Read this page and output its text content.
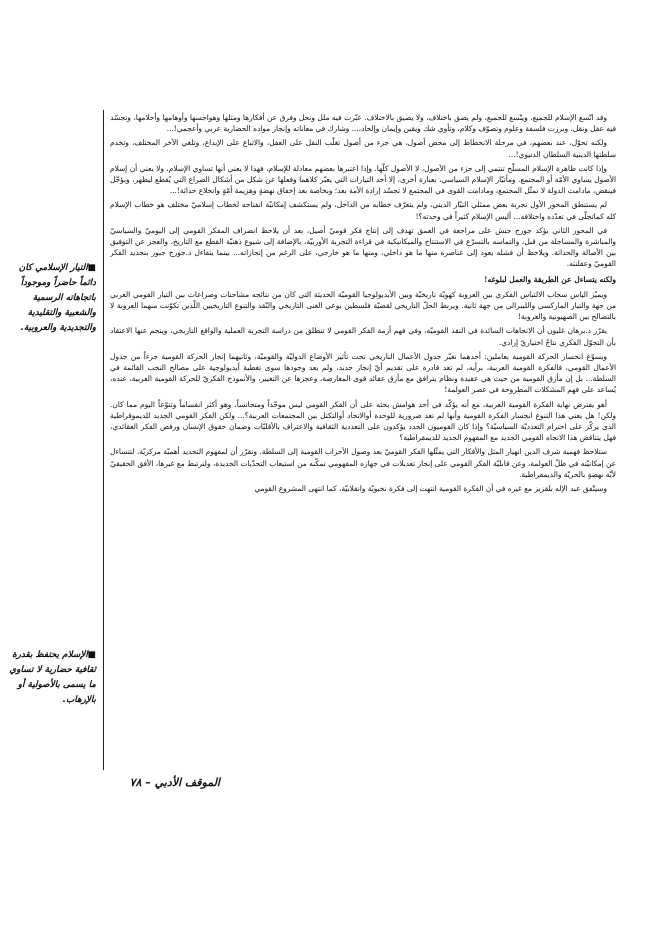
وقد اتّسع الإسلام للجميع، ويتّسع للجميع، ولم يضق باختلاف، ولا يضيق بالاختلاف. عبّرت فيه ملل ونحل وفرق عن أفكارها ومثلها وهواجسها وأوهامها وأحلامها، وتجسّد فيه عقل ونقل، وبرزت فلسفة وعلوم وتصوّف وكلام، وتأوي شك ويقين وإيمان وإلحاد،... وشارك في معاناته وإنجاز مواده الحضارية عربي وأعجمي!...

ولكنه تحوّل، عند بعضهم، في مرحلة الانحطاط إلى محض أصول، هي جزء من أصول تغلّب النقل على العقل، والاتباع على الإبداع، وتلغي الآخر المختلف، وتخدم سلطتها الدينية السلطان الدنيوي!...

وإذا كانت ظاهرة الإسلام المسلّح تنتمي إلى جزء من الأصول، لا الأصول كلّها. وإذا اعتبرها بعضهم معادلة للإسلام، فهذا لا يعني أنها تساوي الإسلام، ولا يعني أن إسلام الأصول يساوي الأمّة أو المجتمع. ومأتيّار الإسلام السياسي، بعبارة أخرى، إلا أحد التيارات التي يعبّر كلاهما وفعلها عن شكل من أشكال الصراع التي يُقطع ليظهر، ويؤجّل فينقض، مادامت الدولة لا تمثّل المجتمع، ومادامت القوى في المجتمع لا تجسّد إرادة الأمة بعد؛ وبخاصة بعد إخفاق نهضةٍ وهزيمة أمّةٍ وانخلاع حداثة!...

لم يستنطق المحور الأول تجربة بعض ممثلي التيّار الديني، ولم يتعرّف خطابه من الداخل، ولم يستكشف إمكانيّة انفتاحه لخطاب إسلاميّ مختلف هو خطاب الإسلام كله كماتجلّى في تعدّده واختلافه... أليس الإسلام كثيراً في وحدته؟!

في المحور الثاني يؤكد جورج جبش على مراجعة في العمق تهدف إلى إنتاج فكر قوميّ أصيل، بعد أن يلاحظ انصراف المفكر القومي إلى اليوميّ والسياسيّ والمباشرة والمساجلة من قبل، والتماسه بالتسرّع في الاستنتاج والميكانيكية في قراءة التجربة الأوربيّة، بالإضافة إلى شيوع ذهنيّة القطع مع التاريخ، والعجز عن التوفيق بين الأصالة والحداثة. ويلاحظ أن فشله يعود إلى عناصره منها ما هو داخلي، ومنها ما هو خارجي، على الرغم من إنجازاته... بينما يتفاءل د.جورج جبور بتجديد الفكر القوميّ وعقلنته.

ولكنه يتساءل عن الطريقة والعمل لبلوغه!

ويميّز الياس سحاب الالتباس الفكري بين العروبة كهويّة تاريخيّة وبين الأيديولوجيا القوميّة الحديثة التي كان من نتائجه مشاحنات وصراعات بين التيار القومي العربي من جهة والتيار الماركسي والليبرالي من جهة ثانية. ويربط الحلّ التاريخي لقضيّة فلسطين بوعي الغنى التاريخي والنّقد والتنوع التاريخيين اللّذين تكوّنت منهما العروبة لا بالتصالح بين الصهيونية والعروبة!

يقرّر د.برهان غليون أن الاتجاهات السائدة في النقد القوميّة، وفي فهم أزمة الفكر القومي لا تنطلق من دراسة التجربة العملية والواقع التاريخي، وينجم عنها الاعتقاد بأن التحوّل الفكري نتاجٌ اختياريّ إرادي.

ويسوّغ انحسار الحركة القومية بعاملين: أحدهما تغيّر جدول الأعمال التاريخي تحت تأثير الأوضاع الدوليّة والقوميّة، وثانيهما إنجاز الحركة القومية جزءاً من جدول الأعمال القومي، فالفكرة القومية العربية، برأيه، لم تعد قادرة على تقديم أيّ إنجاز جديد، ولم يعد وجودها سوى تغطية أيديولوجية على مصالح النخب القائمة في السلطة... بل إن مأزق القومية من حيث هي عقيدة ونظام يترافق مع مأزق عقائد قوى المعارضة، وعجزها عن التغيير، والأنموذج الفكريّ للحركة القومية العربية، عنده، يُساعد على فهم المشكلات المطروحة في عصر العولمة!

أهو يفترض نهاية الفكرة القومية العربية، مع أنه يؤكّد في أحد هوامش بحثه على أن الفكر القومي ليس موحّداً ومتجانساً، وهو أكثر انقساماً وتنوّعاً اليوم مما كان. ولكن! هل يعني هذا التنوع انحسار الفكرة القومية وأنها لم تعد ضرورية للوحدة أوالاتحاد أوالتكتل بين المجتمعات العربية؟... ولكن الفكر القومي الجديد للديموقراطية الذي يركّز على احترام التعدديّة السياسيّة؟ وإذا كان القوميون الجدد يؤكدون على التعددية الثقافية والاعتراف بالأقليّات وضمان حقوق الإنسان ورفض الفكر العقائدي، فهل يتناقض هذا الاتجاه القومي الجديد مع المفهوم الجديد للديمقراطية؟

ستلاحظ فهمية شرف الدين انهيار المثل والأفكار التي يمثّلها الفكر القوميّ بعد وصول الأحزاب القومية إلى السلطة. وتقرّر أن لمفهوم التجديد أهميّة مركزيّة، لتتساءل عن إمكانيّته في ظلّ العولمة، وعن قابليّة الفكر القومي على إنجاز تعديلات في جهازه المفهومي تمكّنه من استيعاب التحدّيات الجديدة، ولترتبط مع غيرها، الأفق الحقيقيّ لأيّة نهضةٍ بالحريّة والديمقراطية.

وسيتّفق عبد الإله بلقزيز مع غيره في أن الفكرة القومية انتهت إلى فكرة نخبويّة وانقلابيّة، كما انتهى المشروع القومي

■التيار الإسلامي كان دائماً حاضراً وموجوداً باتجاهاته الرسمية والشعبية والتقليدية والتجديدية والعروبية.
■الإسلام يحتفظ بقدرة ثقافية حضارية لا تساوي ما يسمى بالأصولية أو بالإرهاب.
الموقف الأدبي – ٧٨
